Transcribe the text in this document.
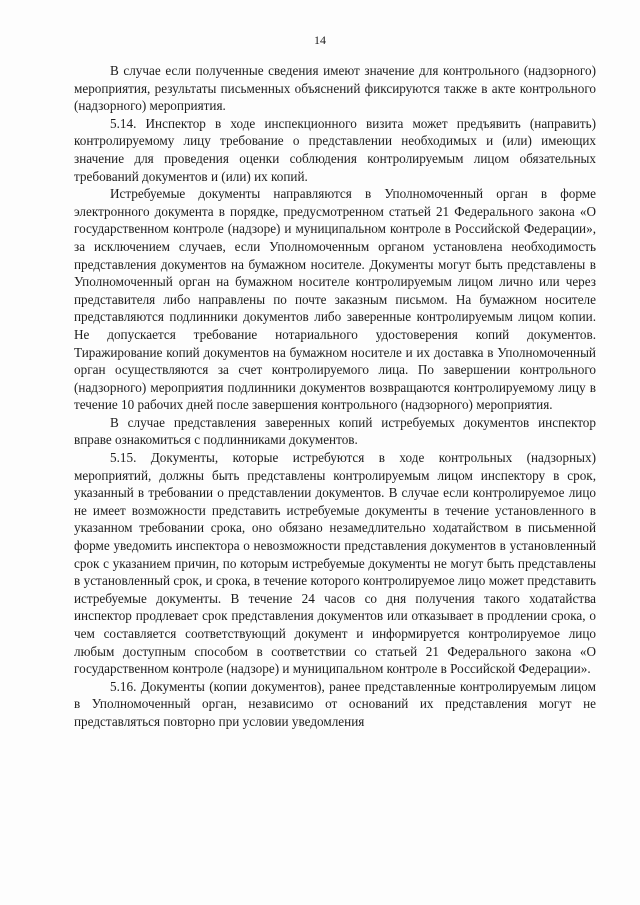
14

В случае если полученные сведения имеют значение для контрольного (надзорного) мероприятия, результаты письменных объяснений фиксируются также в акте контрольного (надзорного) мероприятия.

5.14. Инспектор в ходе инспекционного визита может предъявить (направить) контролируемому лицу требование о представлении необходимых и (или) имеющих значение для проведения оценки соблюдения контролируемым лицом обязательных требований документов и (или) их копий.

Истребуемые документы направляются в Уполномоченный орган в форме электронного документа в порядке, предусмотренном статьей 21 Федерального закона «О государственном контроле (надзоре) и муниципальном контроле в Российской Федерации», за исключением случаев, если Уполномоченным органом установлена необходимость представления документов на бумажном носителе. Документы могут быть представлены в Уполномоченный орган на бумажном носителе контролируемым лицом лично или через представителя либо направлены по почте заказным письмом. На бумажном носителе представляются подлинники документов либо заверенные контролируемым лицом копии. Не допускается требование нотариального удостоверения копий документов. Тиражирование копий документов на бумажном носителе и их доставка в Уполномоченный орган осуществляются за счет контролируемого лица. По завершении контрольного (надзорного) мероприятия подлинники документов возвращаются контролируемому лицу в течение 10 рабочих дней после завершения контрольного (надзорного) мероприятия.

В случае представления заверенных копий истребуемых документов инспектор вправе ознакомиться с подлинниками документов.

5.15. Документы, которые истребуются в ходе контрольных (надзорных) мероприятий, должны быть представлены контролируемым лицом инспектору в срок, указанный в требовании о представлении документов. В случае если контролируемое лицо не имеет возможности представить истребуемые документы в течение установленного в указанном требовании срока, оно обязано незамедлительно ходатайством в письменной форме уведомить инспектора о невозможности представления документов в установленный срок с указанием причин, по которым истребуемые документы не могут быть представлены в установленный срок, и срока, в течение которого контролируемое лицо может представить истребуемые документы. В течение 24 часов со дня получения такого ходатайства инспектор продлевает срок представления документов или отказывает в продлении срока, о чем составляется соответствующий документ и информируется контролируемое лицо любым доступным способом в соответствии со статьей 21 Федерального закона «О государственном контроле (надзоре) и муниципальном контроле в Российской Федерации».

5.16. Документы (копии документов), ранее представленные контролируемым лицом в Уполномоченный орган, независимо от оснований их представления могут не представляться повторно при условии уведомления
